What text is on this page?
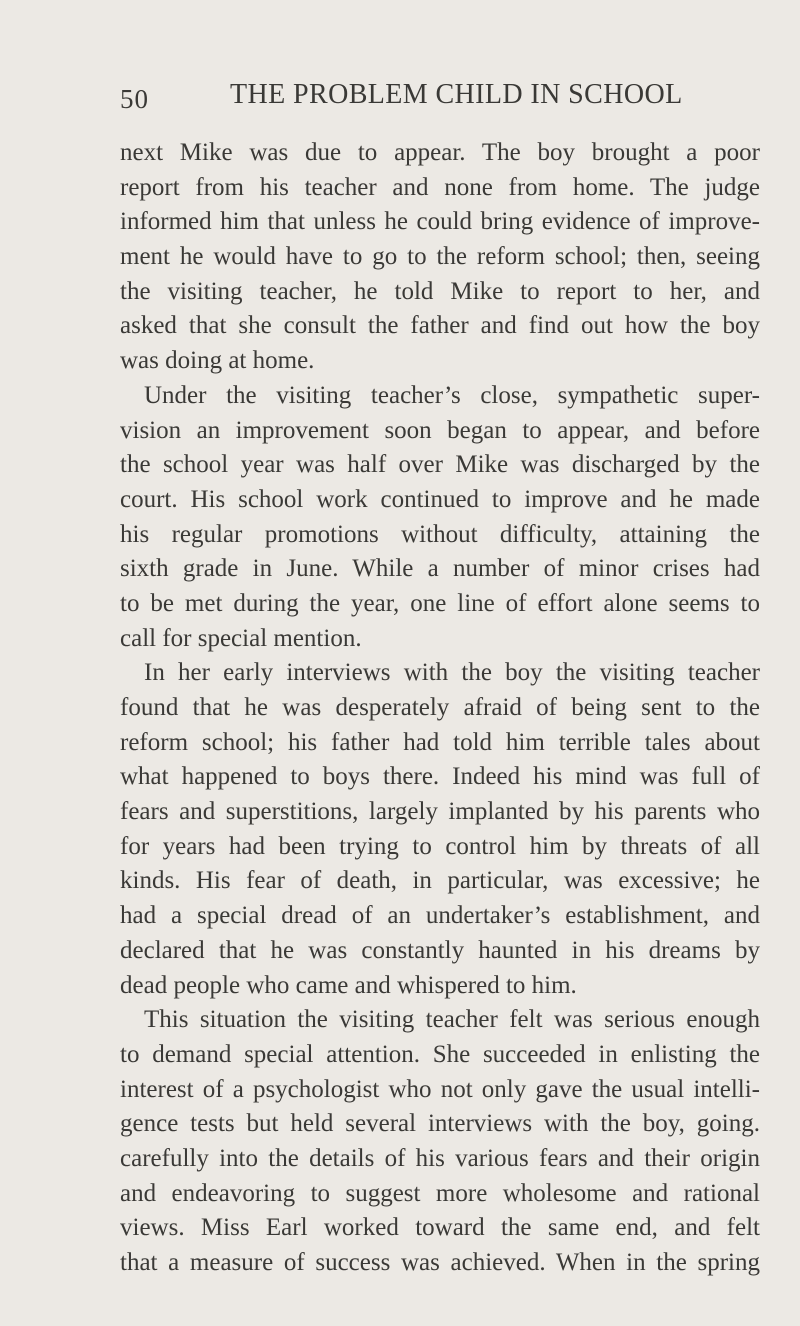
50	THE PROBLEM CHILD IN SCHOOL
next Mike was due to appear. The boy brought a poor
report from his teacher and none from home. The judge
informed him that unless he could bring evidence of improve-
ment he would have to go to the reform school; then, seeing
the visiting teacher, he told Mike to report to her, and
asked that she consult the father and find out how the boy
was doing at home.
Under the visiting teacher’s close, sympathetic super-
vision an improvement soon began to appear, and before
the school year was half over Mike was discharged by the
court. His school work continued to improve and he made
his regular promotions without difficulty, attaining the
sixth grade in June. While a number of minor crises had
to be met during the year, one line of effort alone seems to
call for special mention.
In her early interviews with the boy the visiting teacher
found that he was desperately afraid of being sent to the
reform school; his father had told him terrible tales about
what happened to boys there. Indeed his mind was full of
fears and superstitions, largely implanted by his parents who
for years had been trying to control him by threats of all
kinds. His fear of death, in particular, was excessive; he
had a special dread of an undertaker’s establishment, and
declared that he was constantly haunted in his dreams by
dead people who came and whispered to him.
This situation the visiting teacher felt was serious enough
to demand special attention. She succeeded in enlisting the
interest of a psychologist who not only gave the usual intelli-
gence tests but held several interviews with the boy, going.
carefully into the details of his various fears and their origin
and endeavoring to suggest more wholesome and rational
views. Miss Earl worked toward the same end, and felt
that a measure of success was achieved. When in the spring
